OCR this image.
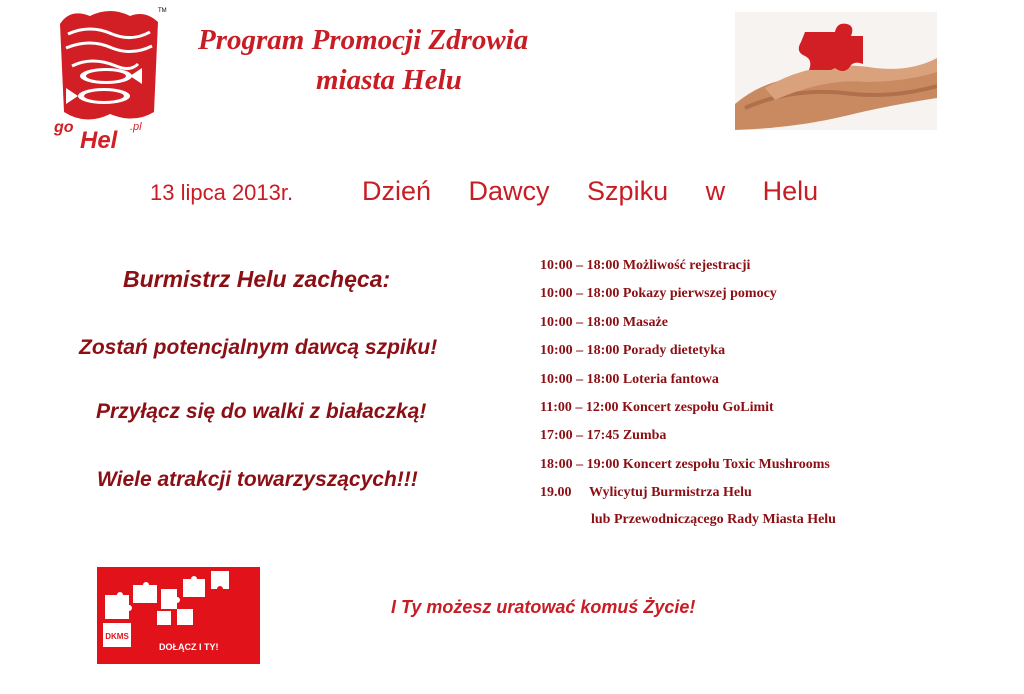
TM
go Hel .pl
Program Promocji Zdrowia
miasta Helu
13 lipca 2013r.	Dzień Dawcy Szpiku w Helu
Burmistrz Helu zachęca:
Zostań potencjalnym dawcą szpiku!
Przyłącz się do walki z białaczką!
Wiele atrakcji towarzyszących!!!
10:00 – 18:00 Możliwość rejestracji
10:00 – 18:00 Pokazy pierwszej pomocy
10:00 – 18:00 Masaże
10:00 – 18:00 Porady dietetyka
10:00 – 18:00 Loteria fantowa
11:00 – 12:00 Koncert zespołu GoLimit
17:00 – 17:45 Zumba
18:00 – 19:00 Koncert zespołu Toxic Mushrooms
19.00 Wylicytuj Burmistrza Helu
lub Przewodniczącego Rady Miasta Helu
DKMS
DOŁĄCZ I TY!
I Ty możesz uratować komuś Życie!
